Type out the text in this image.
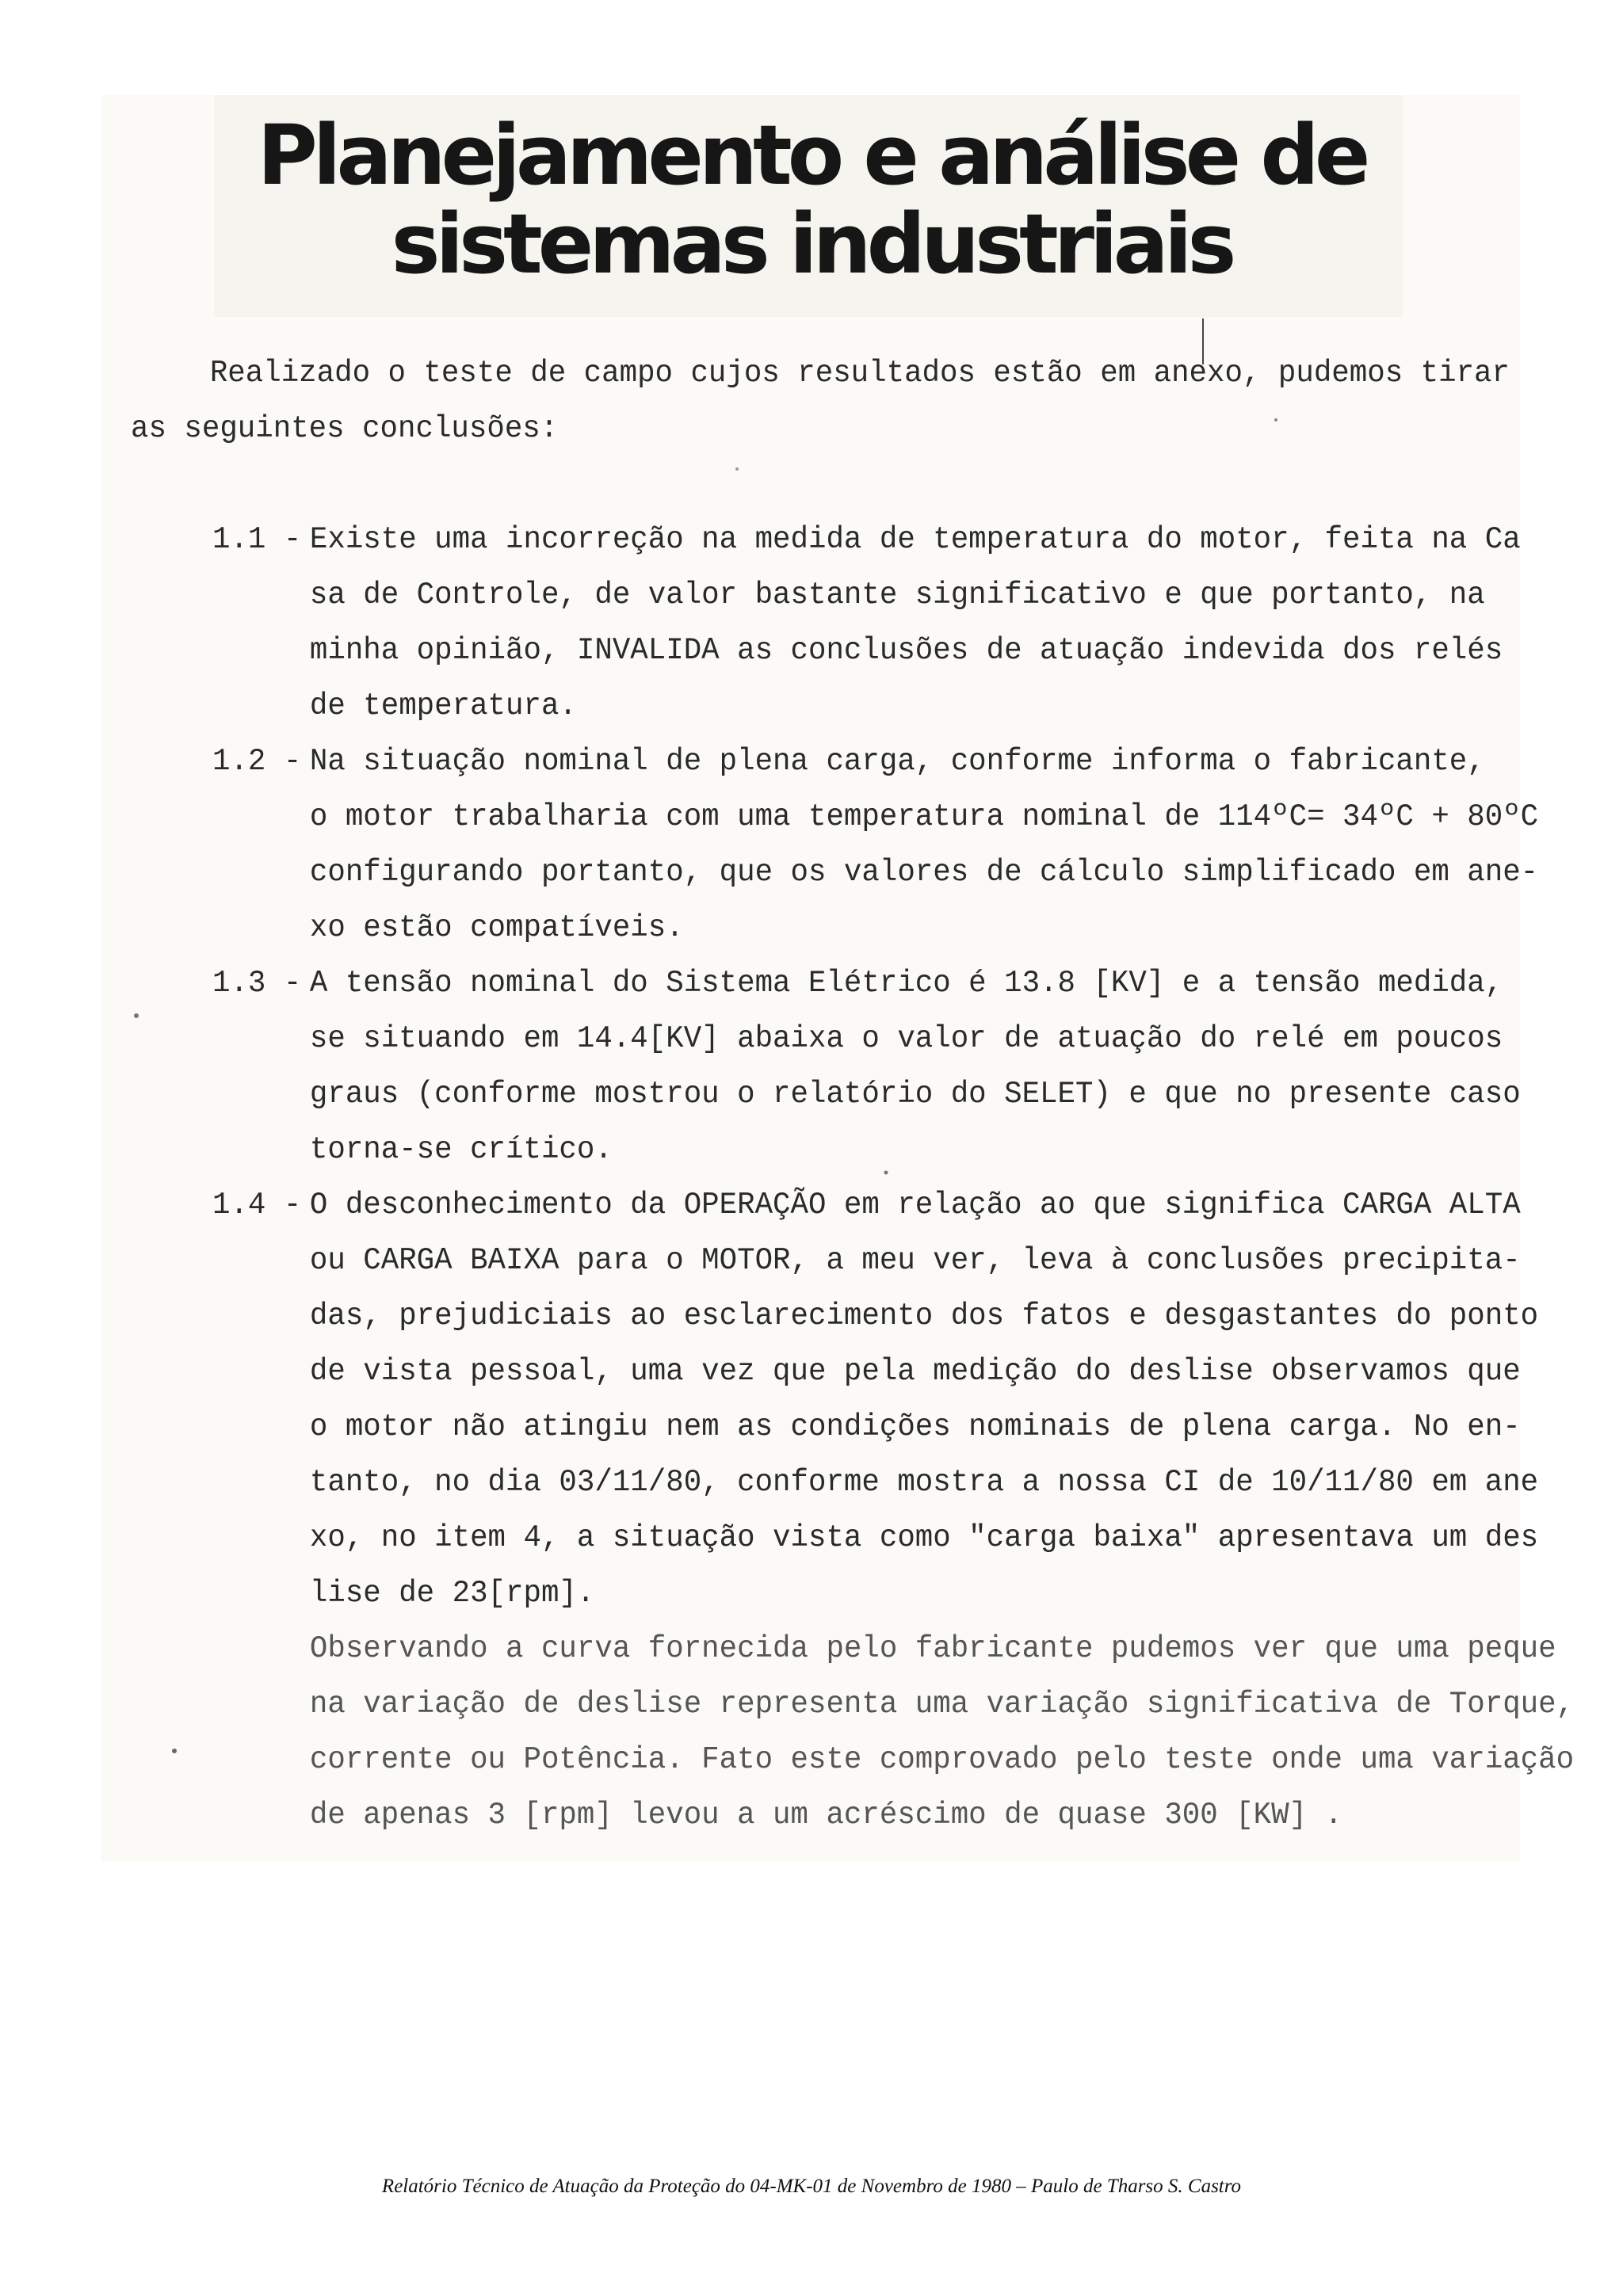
Planejamento e análise de
sistemas industriais
Realizado o teste de campo cujos resultados estão em anexo, pudemos tirar
as seguintes conclusões:
1.1 - Existe uma incorreção na medida de temperatura do motor, feita na Ca
sa de Controle, de valor bastante significativo e que portanto, na
minha opinião, INVALIDA as conclusões de atuação indevida dos relés
de temperatura.
1.2 - Na situação nominal de plena carga, conforme informa o fabricante,
o motor trabalharia com uma temperatura nominal de 114ºC= 34ºC + 80ºC
configurando portanto, que os valores de cálculo simplificado em ane-
xo estão compatíveis.
1.3 - A tensão nominal do Sistema Elétrico é 13.8 [KV] e a tensão medida,
se situando em 14.4[KV] abaixa o valor de atuação do relé em poucos
graus (conforme mostrou o relatório do SELET) e que no presente caso
torna-se crítico.
1.4 - O desconhecimento da OPERAÇÃO em relação ao que significa CARGA ALTA
ou CARGA BAIXA para o MOTOR, a meu ver, leva à conclusões precipita-
das, prejudiciais ao esclarecimento dos fatos e desgastantes do ponto
de vista pessoal, uma vez que pela medição do deslise observamos que
o motor não atingiu nem as condições nominais de plena carga. No en-
tanto, no dia 03/11/80, conforme mostra a nossa CI de 10/11/80 em ane
xo, no item 4, a situação vista como "carga baixa" apresentava um des
lise de 23[rpm].
Observando a curva fornecida pelo fabricante pudemos ver que uma peque
na variação de deslise representa uma variação significativa de Torque,
corrente ou Potência. Fato este comprovado pelo teste onde uma variação
de apenas 3 [rpm] levou a um acréscimo de quase 300 [KW] .
Relatório Técnico de Atuação da Proteção do 04-MK-01 de Novembro de 1980 – Paulo de Tharso S. Castro
